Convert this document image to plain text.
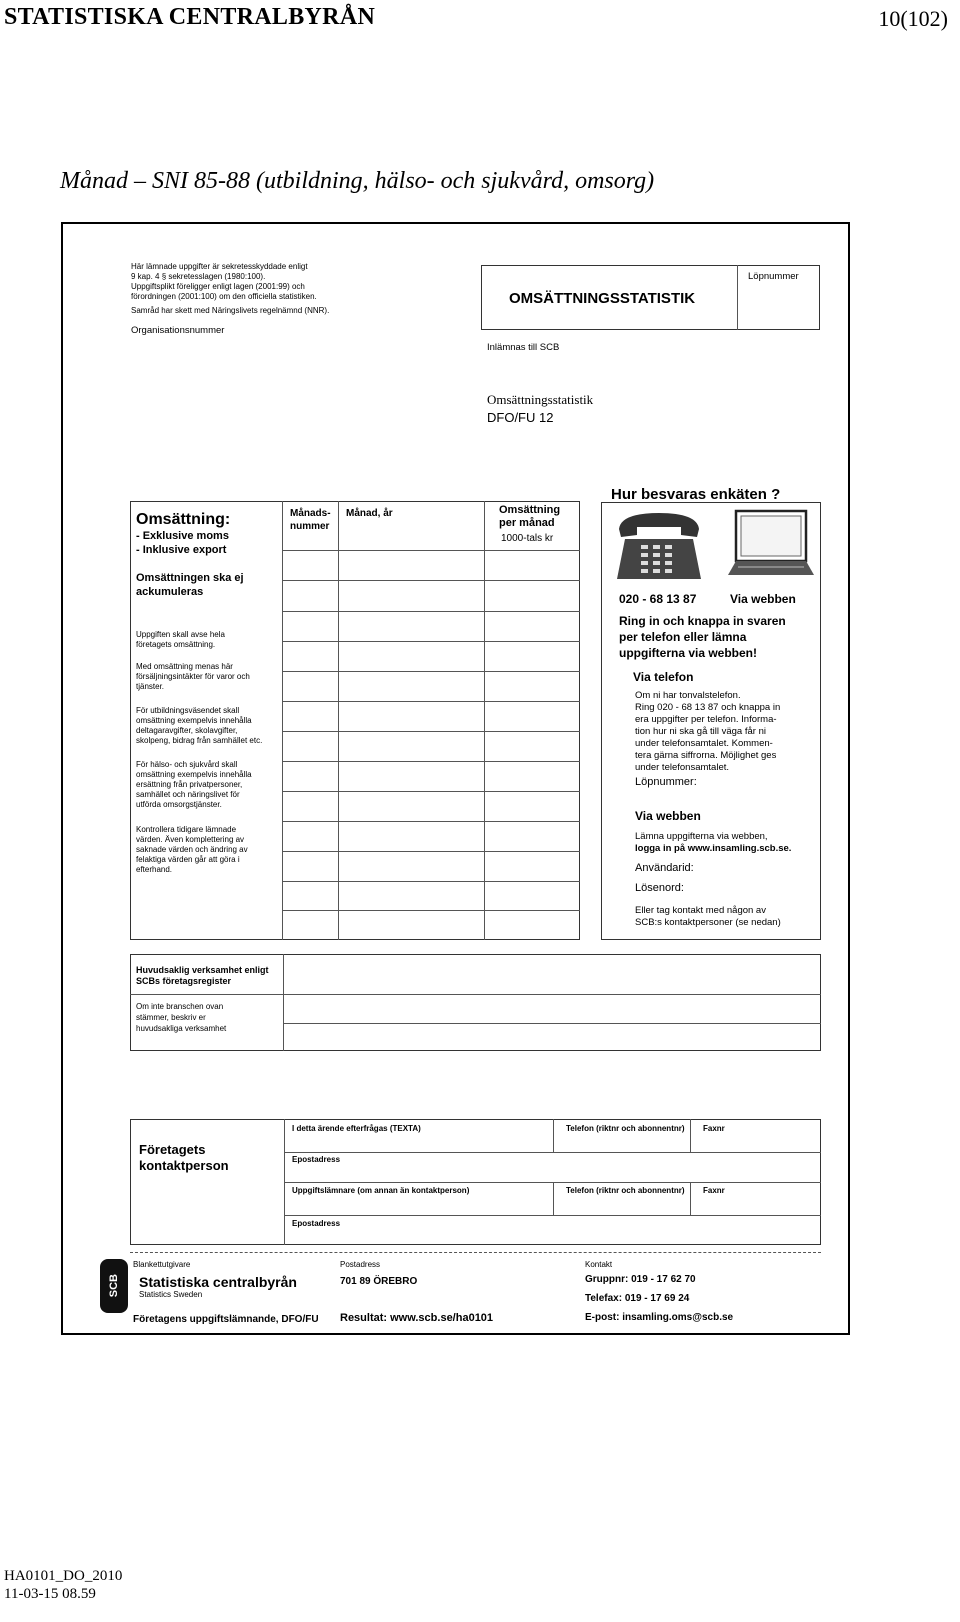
STATISTISKA CENTRALBYRÅN	10(102)
Månad – SNI 85-88 (utbildning, hälso- och sjukvård, omsorg)
Här lämnade uppgifter är sekretesskyddade enligt
9 kap. 4 § sekretesslagen (1980:100).
Uppgiftsplikt föreligger enligt lagen (2001:99) och
förordningen (2001:100) om den officiella statistiken.
Samråd har skett med Näringslivets regelnämnd (NNR).
Organisationsnummer
OMSÄTTNINGSSTATISTIK
Löpnummer
Inlämnas till SCB
Omsättningsstatistik
DFO/FU 12
Omsättning:
- Exklusive moms
- Inklusive export
Omsättningen ska ej
ackumuleras
Uppgiften skall avse hela
företagets omsättning.
Med omsättning menas här
försäljningsintäkter för varor och
tjänster.
För utbildningsväsendet skall
omsättning exempelvis innehålla
deltagaravgifter, skolavgifter,
skolpeng, bidrag från samhället etc.
För hälso- och sjukvård skall
omsättning exempelvis innehålla
ersättning från privatpersoner,
samhället och näringslivet för
utförda omsorgstjänster.
Kontrollera tidigare lämnade
värden. Även komplettering av
saknade värden och ändring av
felaktiga värden går att göra i
efterhand.
Månads-
nummer
Månad, år	Omsättning
per månad
1000-tals kr
Hur besvaras enkäten ?
020 - 68 13 87	Via webben
Ring in och knappa in svaren
per telefon eller lämna
uppgifterna via webben!
Via telefon
Om ni har tonvalstelefon.
Ring 020 - 68 13 87 och knappa in
era uppgifter per telefon. Informa-
tion hur ni ska gå till väga får ni
under telefonsamtalet. Kommen-
tera gärna siffrorna. Möjlighet ges
under telefonsamtalet.
Löpnummer:
Via webben
Lämna uppgifterna via webben,
logga in på www.insamling.scb.se.
Användarid:
Lösenord:
Eller tag kontakt med någon av
SCB:s kontaktpersoner (se nedan)
Huvudsaklig verksamhet enligt
SCBs företagsregister
Om inte branschen ovan
stämmer, beskriv er
huvudsakliga verksamhet
Företagets
kontaktperson
I detta ärende efterfrågas (TEXTA)	Telefon (riktnr och abonnentnr) Faxnr
Epostadress
Uppgiftslämnare (om annan än kontaktperson)	Telefon (riktnr och abonnentnr) Faxnr
Epostadress
Blankettutgivare
SCB Statistiska centralbyrån
Statistics Sweden
Företagens uppgiftslämnande, DFO/FU
Postadress
701 89 ÖREBRO
Resultat: www.scb.se/ha0101
Kontakt
Gruppnr: 019 - 17 62 70
Telefax: 019 - 17 69 24
E-post: insamling.oms@scb.se
HA0101_DO_2010
11-03-15 08.59
